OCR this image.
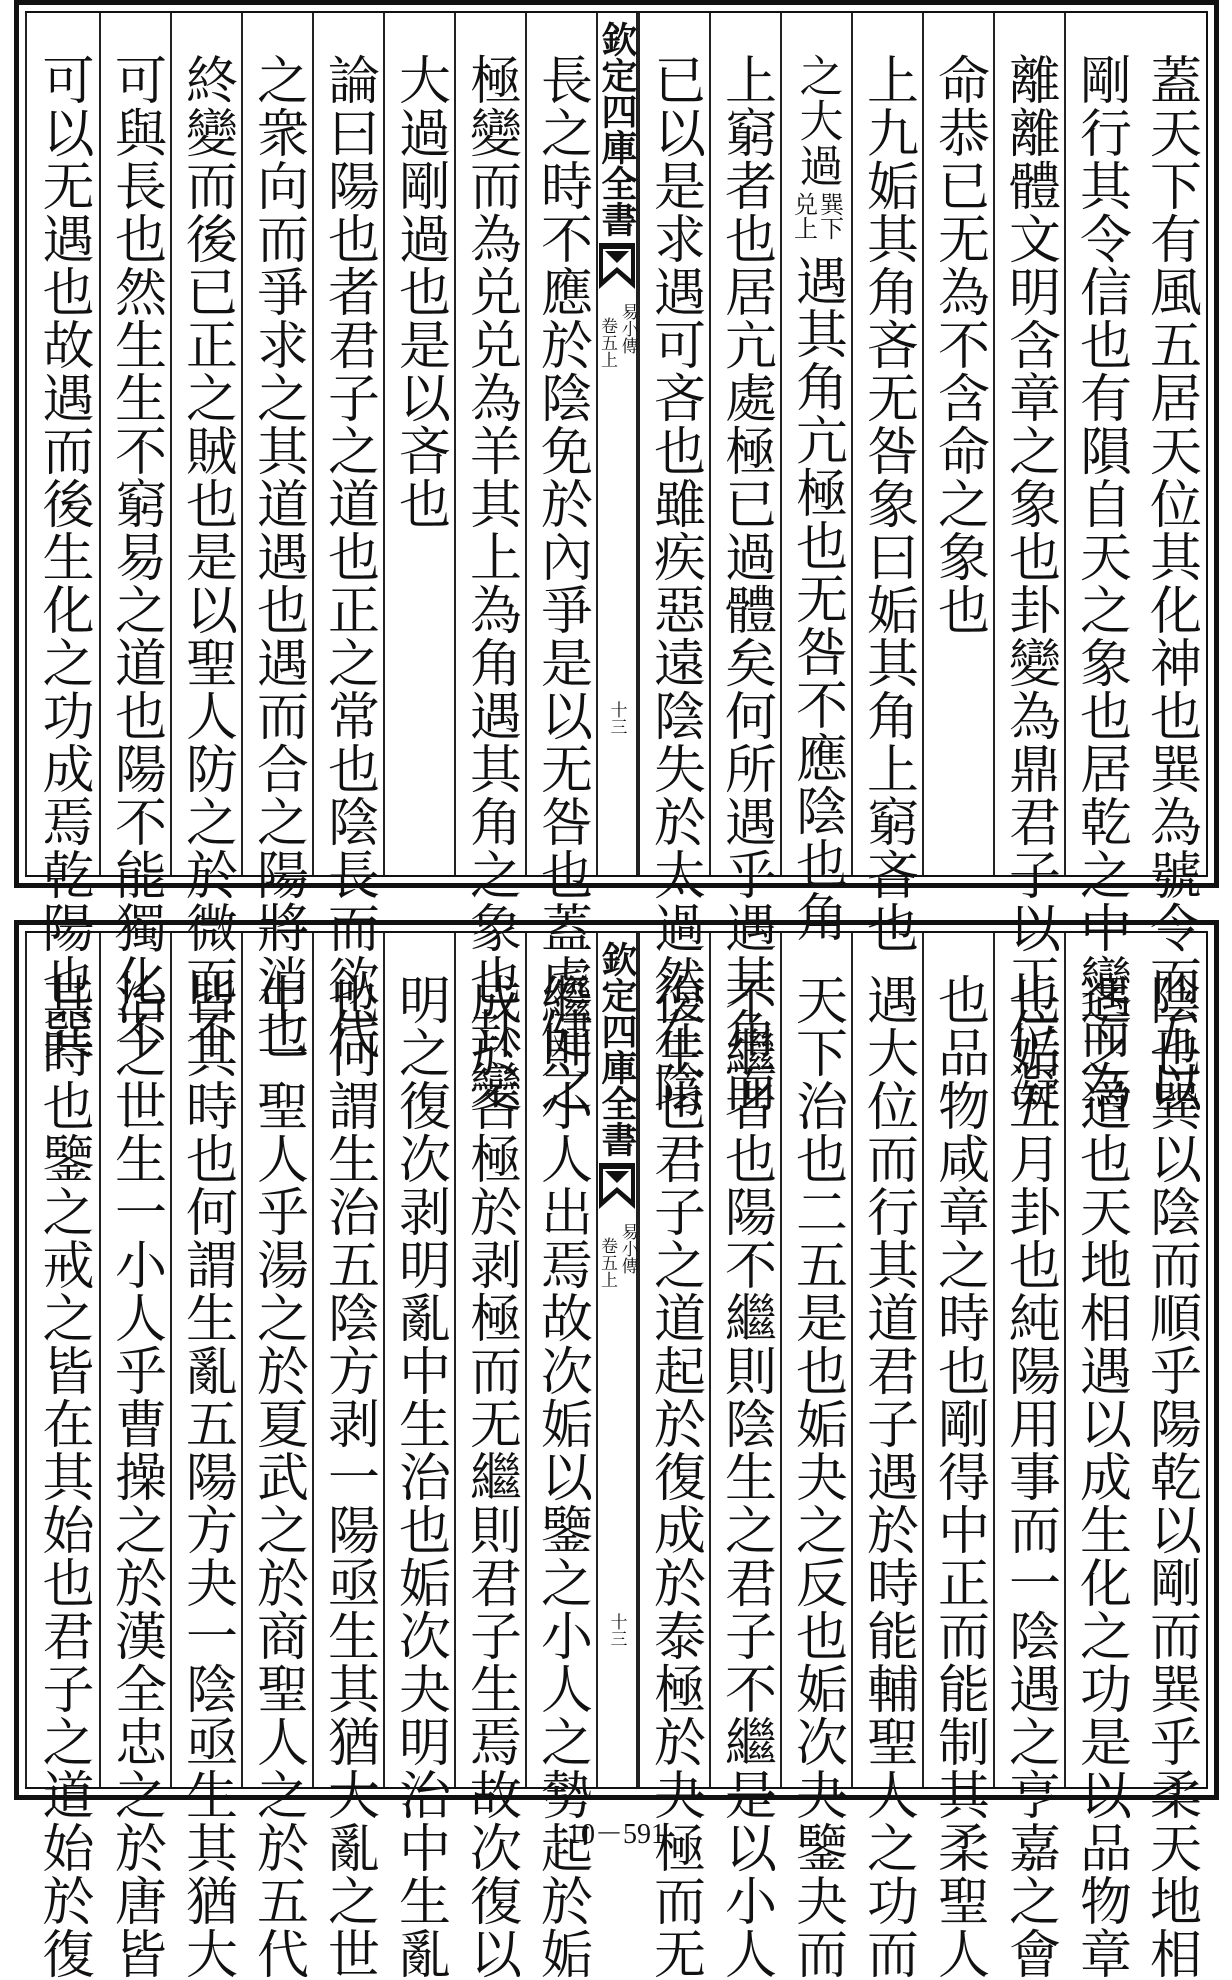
蓋天下有風五居天位其化神也巽為號令而五以
剛行其令信也有隕自天之象也居乾之中變而為
離離體文明含章之象也卦變為鼎君子以正位凝
命恭已无為不含命之象也
上九姤其角吝无咎象曰姤其角上窮吝也
之大過
巽下
兑上
遇其角亢極也无咎不應陰也角
上窮者也居亢處極已過體矣何所遇乎遇其角而
已以是求遇可吝也雖疾惡遠陰失於太過然在陰
欽定四庫全書
易小傳
卷五上
十三
長之時不應於陰免於內爭是以无咎也蓋處健之
極變而為兑兑為羊其上為角遇其角之象也卦變
大過剛過也是以吝也
論曰陽也者君子之道也正之常也陰長而欲代
之衆向而爭求之其道遇也遇而合之陽將消也
終變而後已正之賊也是以聖人防之於微而不
可與長也然生生不窮易之道也陽不能獨化不
可以无遇也故遇而後生化之功成焉乾陽也巽
陰也巽以陰而順乎陽乾以剛而巽乎柔天地相
遇之道也天地相遇以成生化之功是以品物章
也姤五月卦也純陽用事而一陰遇之亨嘉之會
也品物咸章之時也剛得中正而能制其柔聖人
遇大位而行其道君子遇於時能輔聖人之功而
天下治也二五是也姤夬之反也姤次夬鑒夬而
不繼者也陽不繼則陰生之君子不繼是以小人
復生也君子之道起於復成於泰極於夬極而无
欽定四庫全書
易小傳
卷五上
十三
繼則小人出焉故次姤以鑒之小人之勢起於姤
成於否極於剥極而无繼則君子生焉故次復以
明之復次剥明亂中生治也姤次夬明治中生亂
也何謂生治五陰方剥一陽亟生其猶大亂之世
生一聖人乎湯之於夏武之於商聖人之於五代
皆其時也何謂生亂五陽方夬一陰亟生其猶大
治之世生一小人乎曹操之於漢全忠之於唐皆
其時也鑒之戒之皆在其始也君子之道始於復	10－591
